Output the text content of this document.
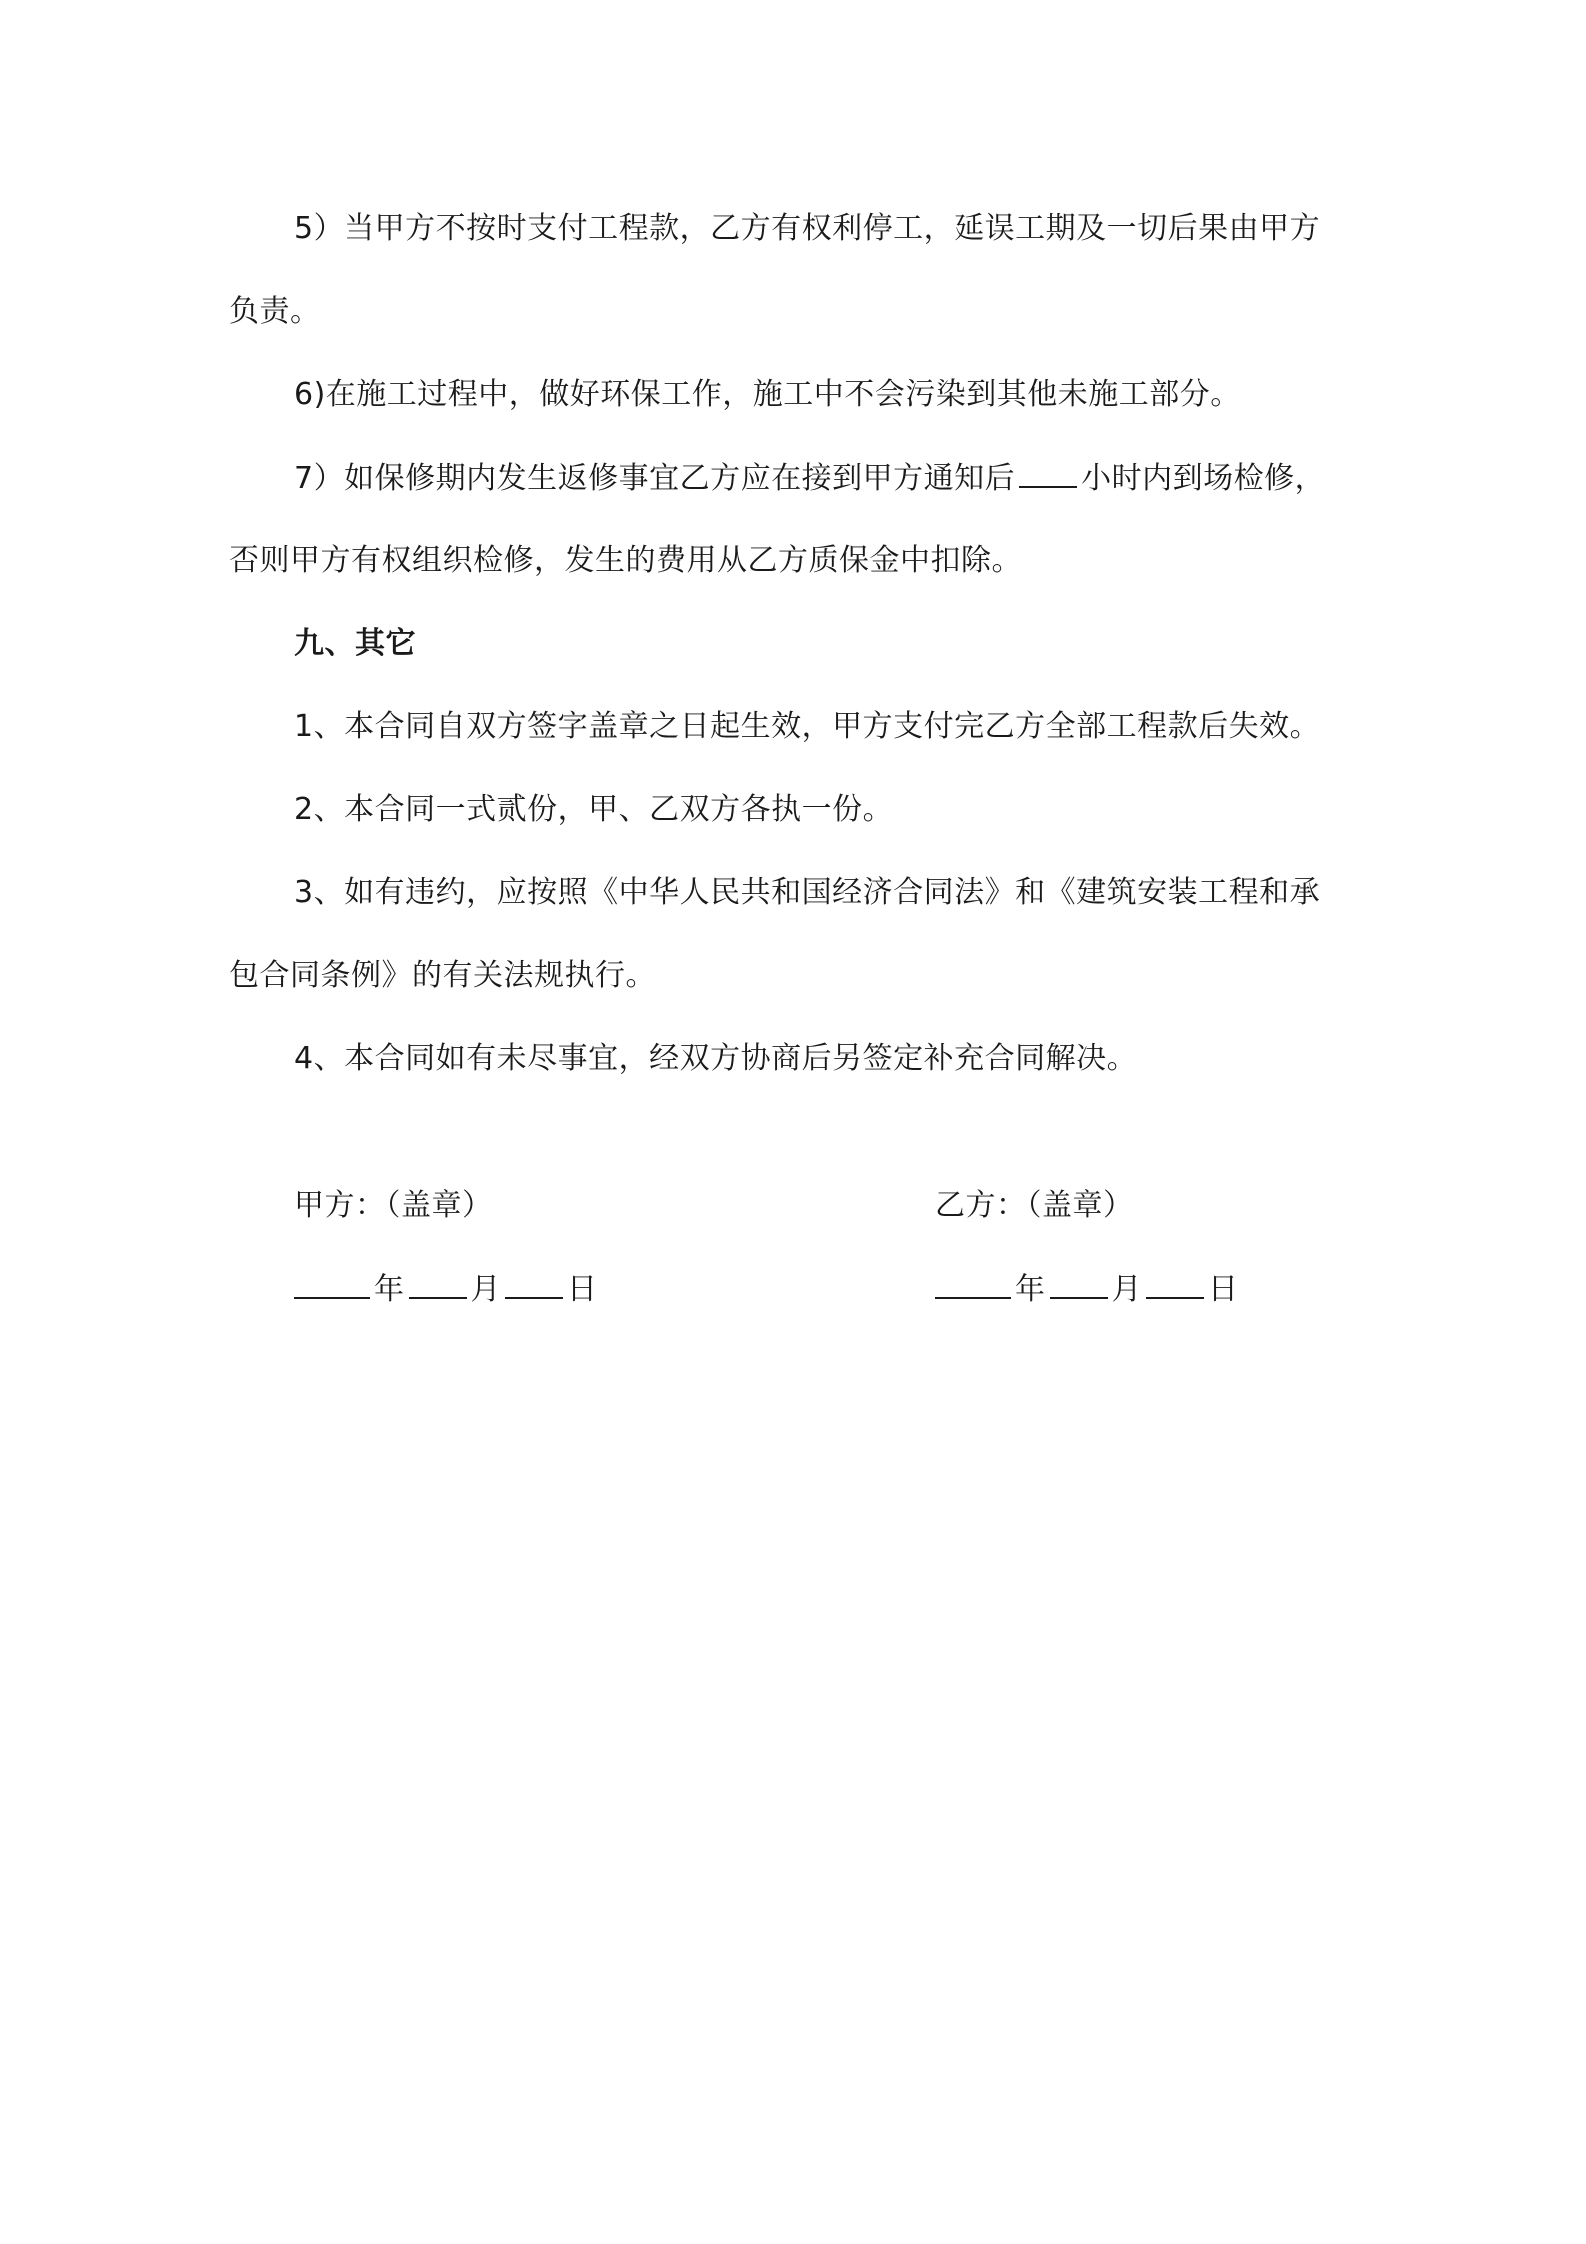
5）当甲方不按时支付工程款，乙方有权利停工，延误工期及一切后果由甲方
负责。
6)在施工过程中，做好环保工作，施工中不会污染到其他未施工部分。
7）如保修期内发生返修事宜乙方应在接到甲方通知后 小时内到场检修，
否则甲方有权组织检修，发生的费用从乙方质保金中扣除。
九、其它
1、本合同自双方签字盖章之日起生效，甲方支付完乙方全部工程款后失效。
2、本合同一式贰份，甲、乙双方各执一份。
3、如有违约，应按照《中华人民共和国经济合同法》和《建筑安装工程和承
包合同条例》的有关法规执行。
4、本合同如有未尽事宜，经双方协商后另签定补充合同解决。
甲方：（盖章）	乙方：（盖章）
年 月 日	年 月 日
